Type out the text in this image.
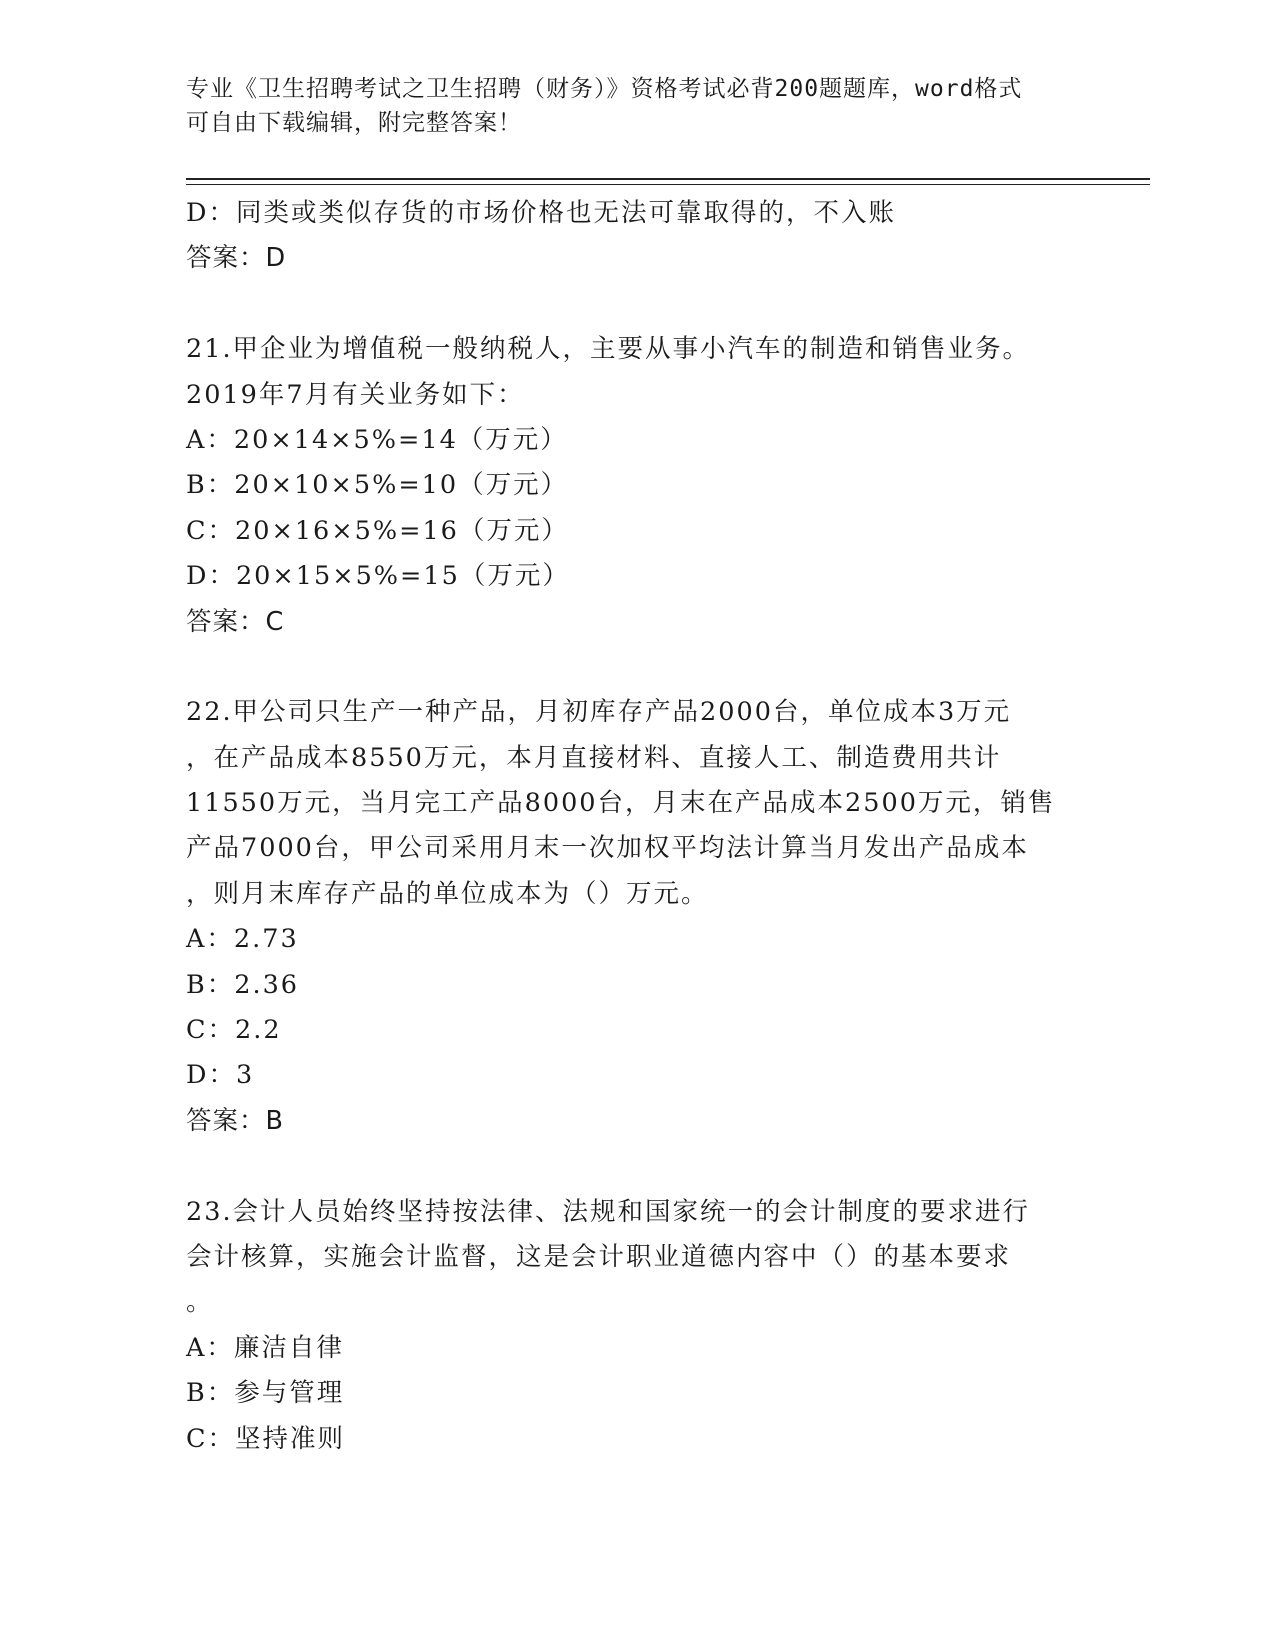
专业《卫生招聘考试之卫生招聘（财务）》资格考试必背200题题库，word格式
可自由下载编辑，附完整答案！
D：同类或类似存货的市场价格也无法可靠取得的，不入账
答案：D
21.甲企业为增值税一般纳税人，主要从事小汽车的制造和销售业务。
2019年7月有关业务如下：
A：20×14×5%=14（万元）
B：20×10×5%=10（万元）
C：20×16×5%=16（万元）
D：20×15×5%=15（万元）
答案：C
22.甲公司只生产一种产品，月初库存产品2000台，单位成本3万元
，在产品成本8550万元，本月直接材料、直接人工、制造费用共计
11550万元，当月完工产品8000台，月末在产品成本2500万元，销售
产品7000台，甲公司采用月末一次加权平均法计算当月发出产品成本
，则月末库存产品的单位成本为（）万元。
A：2.73
B：2.36
C：2.2
D：3
答案：B
23.会计人员始终坚持按法律、法规和国家统一的会计制度的要求进行
会计核算，实施会计监督，这是会计职业道德内容中（）的基本要求
。
A：廉洁自律
B：参与管理
C：坚持准则
